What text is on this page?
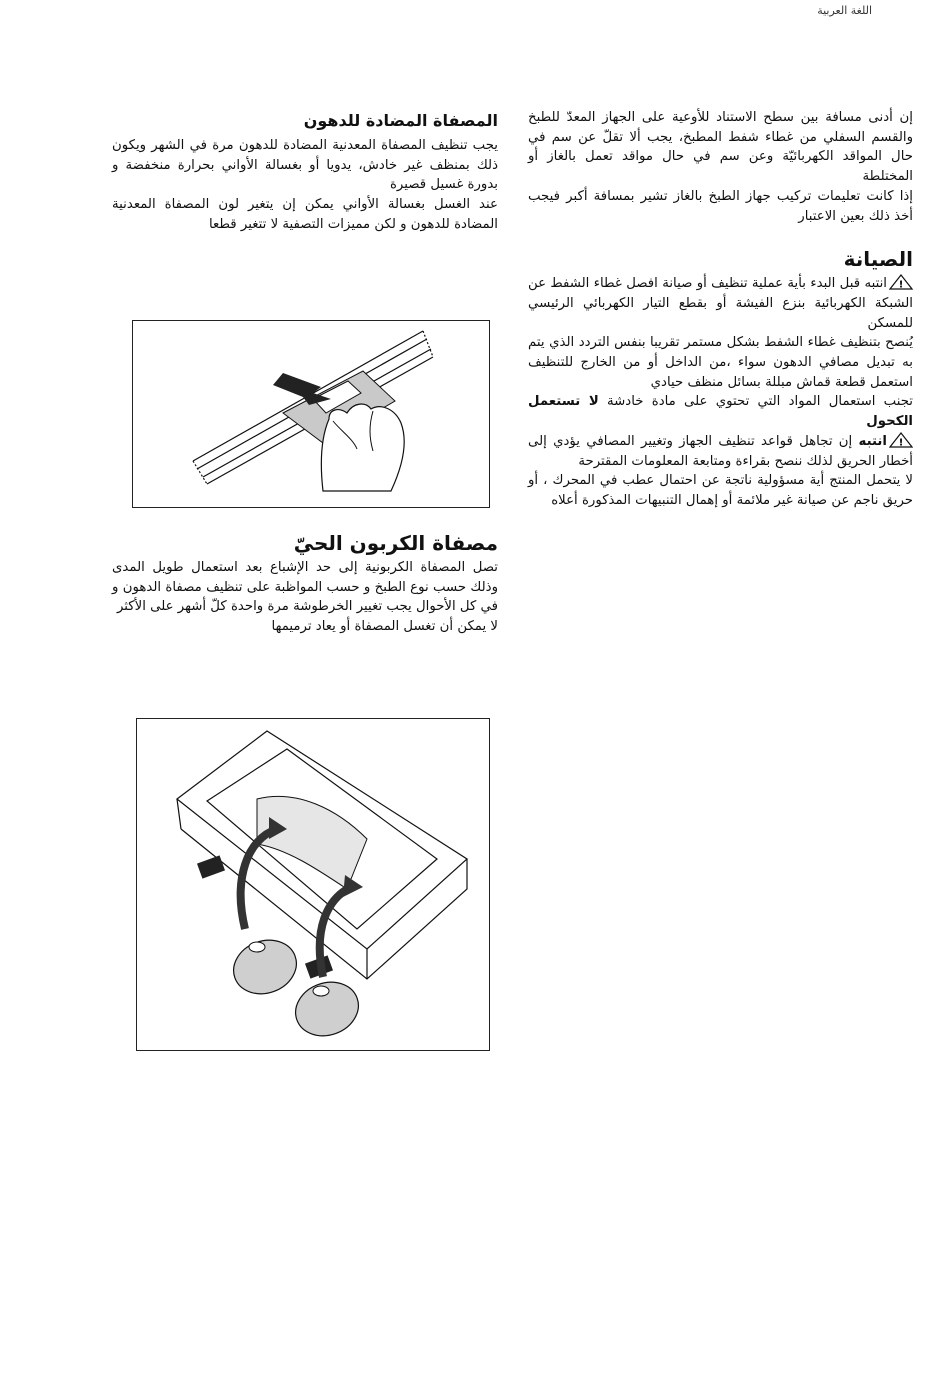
اللغة العربية

إن أدنى مسافة بين سطح الاستناد للأوعية على الجهاز المعدّ للطبخ والقسم السفلي من غطاء شفط المطبخ، يجب ألا تقلّ عن سم في حال المواقد الكهربائيّة وعن سم في حال مواقد تعمل بالغاز أو المختلطة

إذا كانت تعليمات تركيب جهاز الطبخ بالغاز تشير بمسافة أكبر فيجب أخذ ذلك بعين الاعتبار

الصيانة

!
انتبه قبل البدء بأية عملية تنظيف أو صيانة افصل غطاء الشفط عن الشبكة الكهربائية بنزع الفيشة أو بقطع التيار الكهربائي الرئيسي للمسكن

يُنصح بتنظيف غطاء الشفط بشكل مستمر تقريبا بنفس التردد الذي يتم به تبديل مصافي الدهون سواء ،من الداخل أو من الخارج للتنظيف استعمل قطعة قماش مبللة بسائل منظف حيادي

تجنب استعمال المواد التي تحتوي على مادة خادشة لا تستعمل الكحول

!
انتبه إن تجاهل قواعد تنظيف الجهاز وتغيير المصافي يؤدي إلى أخطار الحريق لذلك ننصح بقراءة ومتابعة المعلومات المقترحة

لا يتحمل المنتج أية مسؤولية ناتجة عن احتمال عطب في المحرك ، أو حريق ناجم عن صيانة غير ملائمة أو إهمال التنبيهات المذكورة أعلاه

المصفاة المضادة للدهون

يجب تنظيف المصفاة المعدنية المضادة للدهون مرة في الشهر ويكون ذلك بمنظف غير خادش، يدويا أو بغسالة الأواني بحرارة منخفضة و بدورة غسيل قصيرة

عند الغسل بغسالة الأواني يمكن إن يتغير لون المصفاة المعدنية المضادة للدهون و لكن مميزات التصفية لا تتغير قطعا

مصفاة الكربون الحيّ

تصل المصفاة الكربونية إلى حد الإشباع بعد استعمال طويل المدى وذلك حسب نوع الطبخ و حسب المواظبة على تنظيف مصفاة الدهون و في كل الأحوال يجب تغيير الخرطوشة مرة واحدة كلّ أشهر على الأكثر

لا يمكن أن تغسل المصفاة أو يعاد ترميمها
